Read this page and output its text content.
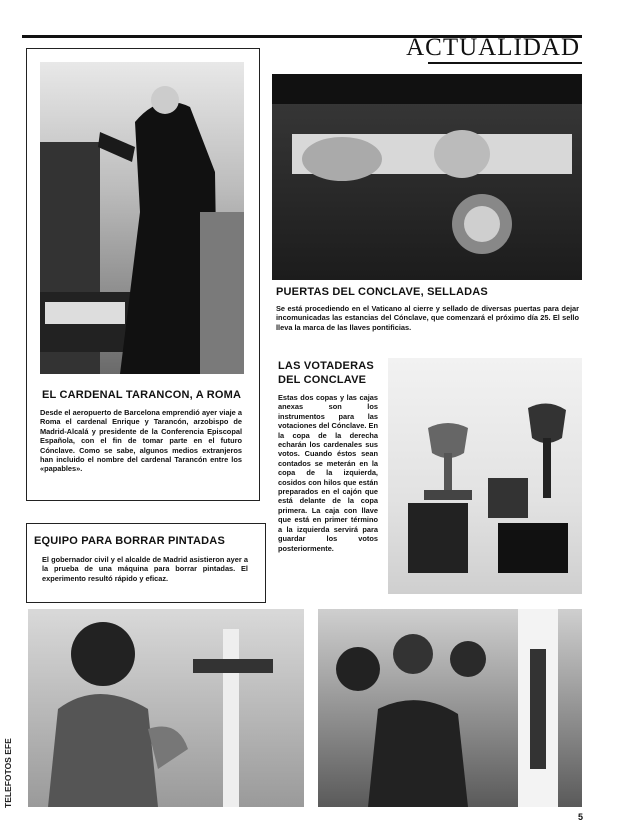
ACTUALIDAD
EL CARDENAL TARANCON, A ROMA
Desde el aeropuerto de Barcelona emprendió ayer viaje a Roma el cardenal Enrique y Tarancón, arzobispo de Madrid-Alcalá y presidente de la Conferencia Episcopal Española, con el fin de tomar parte en el futuro Cónclave. Como se sabe, algunos medios extranjeros han incluido el nombre del cardenal Tarancón entre los «papables».
EQUIPO PARA BORRAR PINTADAS
El gobernador civil y el alcalde de Madrid asistieron ayer a la prueba de una máquina para borrar pintadas. El experimento resultó rápido y eficaz.
PUERTAS DEL CONCLAVE, SELLADAS
Se está procediendo en el Vaticano al cierre y sellado de diversas puertas para dejar incomunicadas las estancias del Cónclave, que comenzará el próximo día 25. El sello lleva la marca de las llaves pontificias.
LAS VOTADERAS
DEL CONCLAVE
Estas dos copas y las cajas anexas son los instrumentos para las votaciones del Cónclave. En la copa de la derecha echarán los cardenales sus votos. Cuando éstos sean contados se meterán en la copa de la izquierda, cosidos con hilos que están preparados en el cajón que está delante de la copa primera. La caja con llave que está en primer término a la izquierda servirá para guardar los votos posteriormente.
TELEFOTOS EFE
5
